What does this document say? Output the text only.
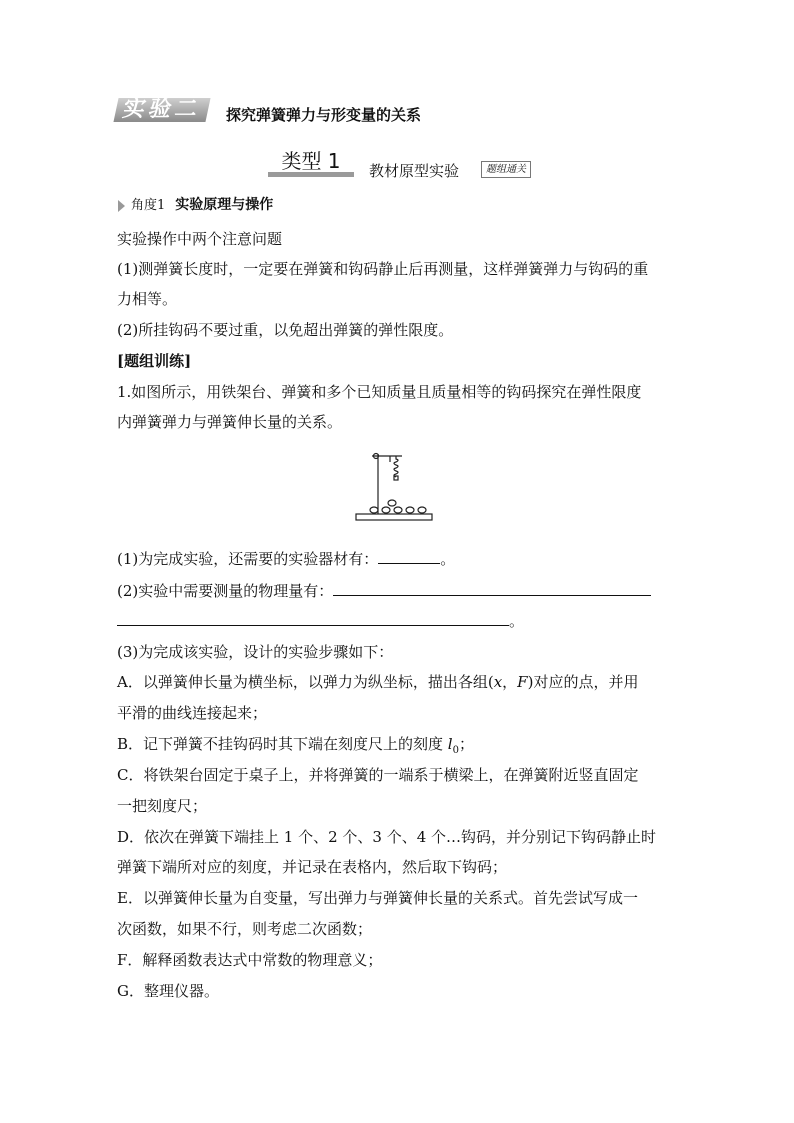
实验二	探究弹簧弹力与形变量的关系
类型 1	教材原型实验	题组通关
角度1 实验原理与操作
实验操作中两个注意问题
(1)测弹簧长度时，一定要在弹簧和钩码静止后再测量，这样弹簧弹力与钩码的重
力相等。
(2)所挂钩码不要过重，以免超出弹簧的弹性限度。
[题组训练]
1.如图所示，用铁架台、弹簧和多个已知质量且质量相等的钩码探究在弹性限度
内弹簧弹力与弹簧伸长量的关系。
(1)为完成实验，还需要的实验器材有：	。
(2)实验中需要测量的物理量有：
。
(3)为完成该实验，设计的实验步骤如下：
A．以弹簧伸长量为横坐标，以弹力为纵坐标，描出各组(x，F)对应的点，并用
平滑的曲线连接起来；
B．记下弹簧不挂钩码时其下端在刻度尺上的刻度 $l_0$；
C．将铁架台固定于桌子上，并将弹簧的一端系于横梁上，在弹簧附近竖直固定
一把刻度尺；
D．依次在弹簧下端挂上 1 个、2 个、3 个、4 个…钩码，并分别记下钩码静止时
弹簧下端所对应的刻度，并记录在表格内，然后取下钩码；
E．以弹簧伸长量为自变量，写出弹力与弹簧伸长量的关系式。首先尝试写成一
次函数，如果不行，则考虑二次函数；
F．解释函数表达式中常数的物理意义；
G．整理仪器。
